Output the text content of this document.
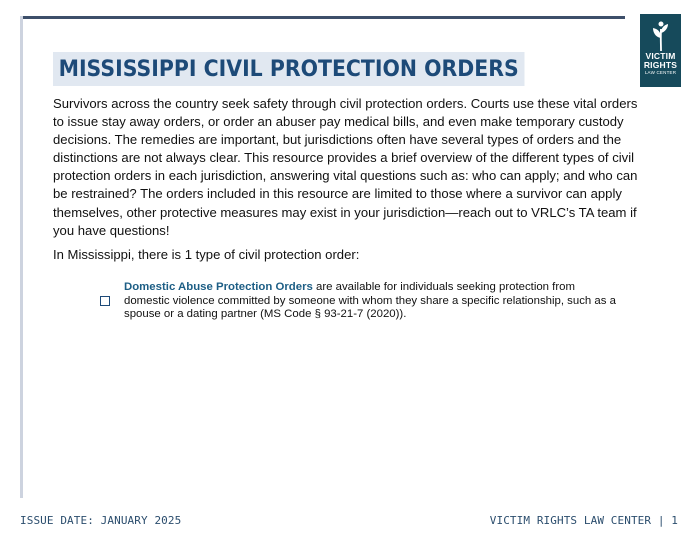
VICTIM
RIGHTS
LAW CENTER
MISSISSIPPI CIVIL PROTECTION ORDERS

Survivors across the country seek safety through civil protection orders. Courts use these vital orders to issue stay away orders, or order an abuser pay medical bills, and even make temporary custody decisions. The remedies are important, but jurisdictions often have several types of orders and the distinctions are not always clear. This resource provides a brief overview of the different types of civil protection orders in each jurisdiction, answering vital questions such as: who can apply; and who can be restrained? The orders included in this resource are limited to those where a survivor can apply themselves, other protective measures may exist in your jurisdiction—reach out to VRLC’s TA team if you have questions!

In Mississippi, there is 1 type of civil protection order:

Domestic Abuse Protection Orders are available for individuals seeking protection from domestic violence committed by someone with whom they share a specific relationship, such as a spouse or a dating partner (MS Code § 93-21-7 (2020)).

ISSUE DATE: JANUARY 2025	VICTIM RIGHTS LAW CENTER | 1
